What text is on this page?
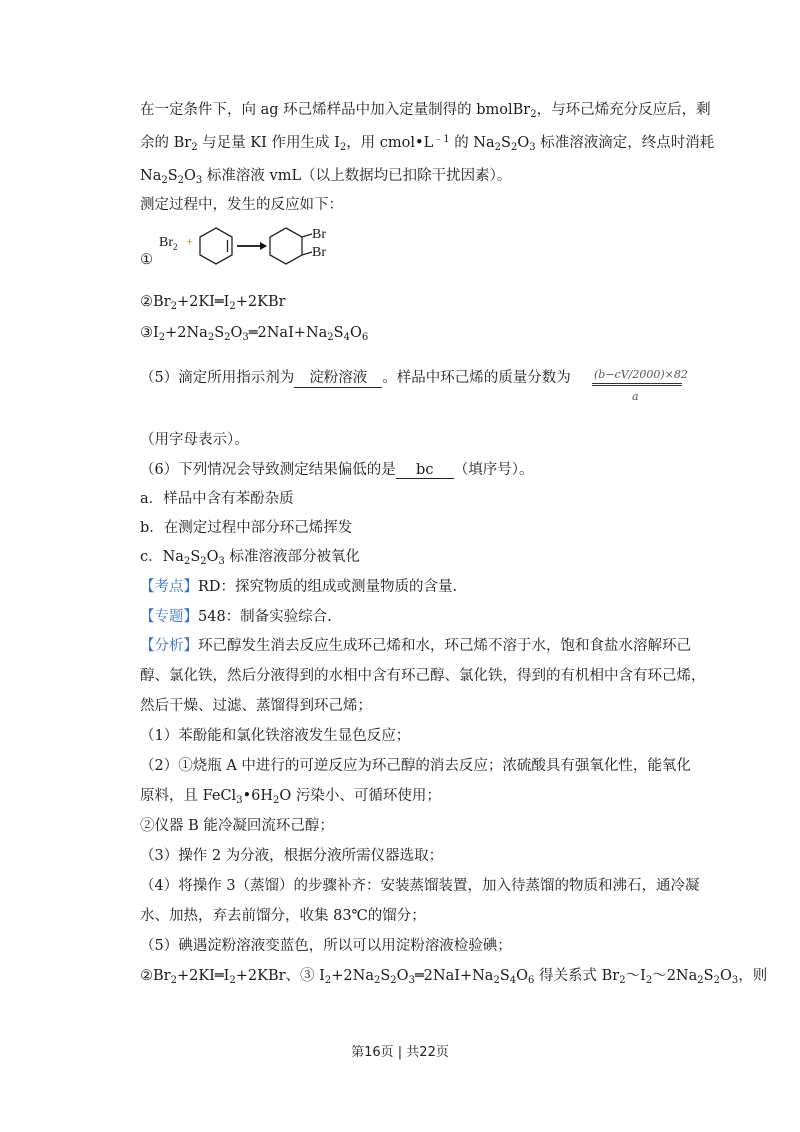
在一定条件下，向 ag 环己烯样品中加入定量制得的 bmolBr$_2$，与环己烯充分反应后，剩
余的 $Br_2$ 与足量 KI 作用生成 $I_2$，用 $cmol•L^{﹣1}$ 的 $Na_2S_2O_3$ 标准溶液滴定，终点时消耗
$Na_2S_2O_3$ 标准溶液 vmL（以上数据均已扣除干扰因素）。
测定过程中，发生的反应如下：
$Br_2$ +	Br
Br
①
$②Br_2+2KI═I_2+2KBr$
$③I_2+2Na_2S_2O_3═2NaI+Na_2S_4O_6$
（5）滴定所用指示剂为 淀粉溶液 。样品中环己烯的质量分数为 $\frac{(b-cV/2000)\times 82}{a}$
（用字母表示）。
（6）下列情况会导致测定结果偏低的是 bc （填序号）。
a．样品中含有苯酚杂质
b．在测定过程中部分环己烯挥发
c．$Na_2S_2O_3$ 标准溶液部分被氧化
【考点】RD：探究物质的组成或测量物质的含量.
【专题】548：制备实验综合.
【分析】环己醇发生消去反应生成环己烯和水，环己烯不溶于水，饱和食盐水溶解环己
醇、氯化铁，然后分液得到的水相中含有环己醇、氯化铁，得到的有机相中含有环己烯，
然后干燥、过滤、蒸馏得到环己烯；
（1）苯酚能和氯化铁溶液发生显色反应；
（2）①烧瓶 A 中进行的可逆反应为环己醇的消去反应；浓硫酸具有强氧化性，能氧化
原料，且 $FeCl_3•6H_2O$ 污染小、可循环使用；
②仪器 B 能冷凝回流环己醇；
（3）操作 2 为分液，根据分液所需仪器选取；
（4）将操作 3（蒸馏）的步骤补齐：安装蒸馏装置，加入待蒸馏的物质和沸石，通冷凝
水、加热，弃去前馏分，收集 83℃的馏分；
（5）碘遇淀粉溶液变蓝色，所以可以用淀粉溶液检验碘；
$②Br_2+2KI═I_2+2KBr$、③ $I_2+2Na_2S_2O_3═2NaI+Na_2S_4O_6$ 得关系式 $Br_2\sim I_2\sim 2Na_2S_2O_3$，则
第16页 | 共22页
